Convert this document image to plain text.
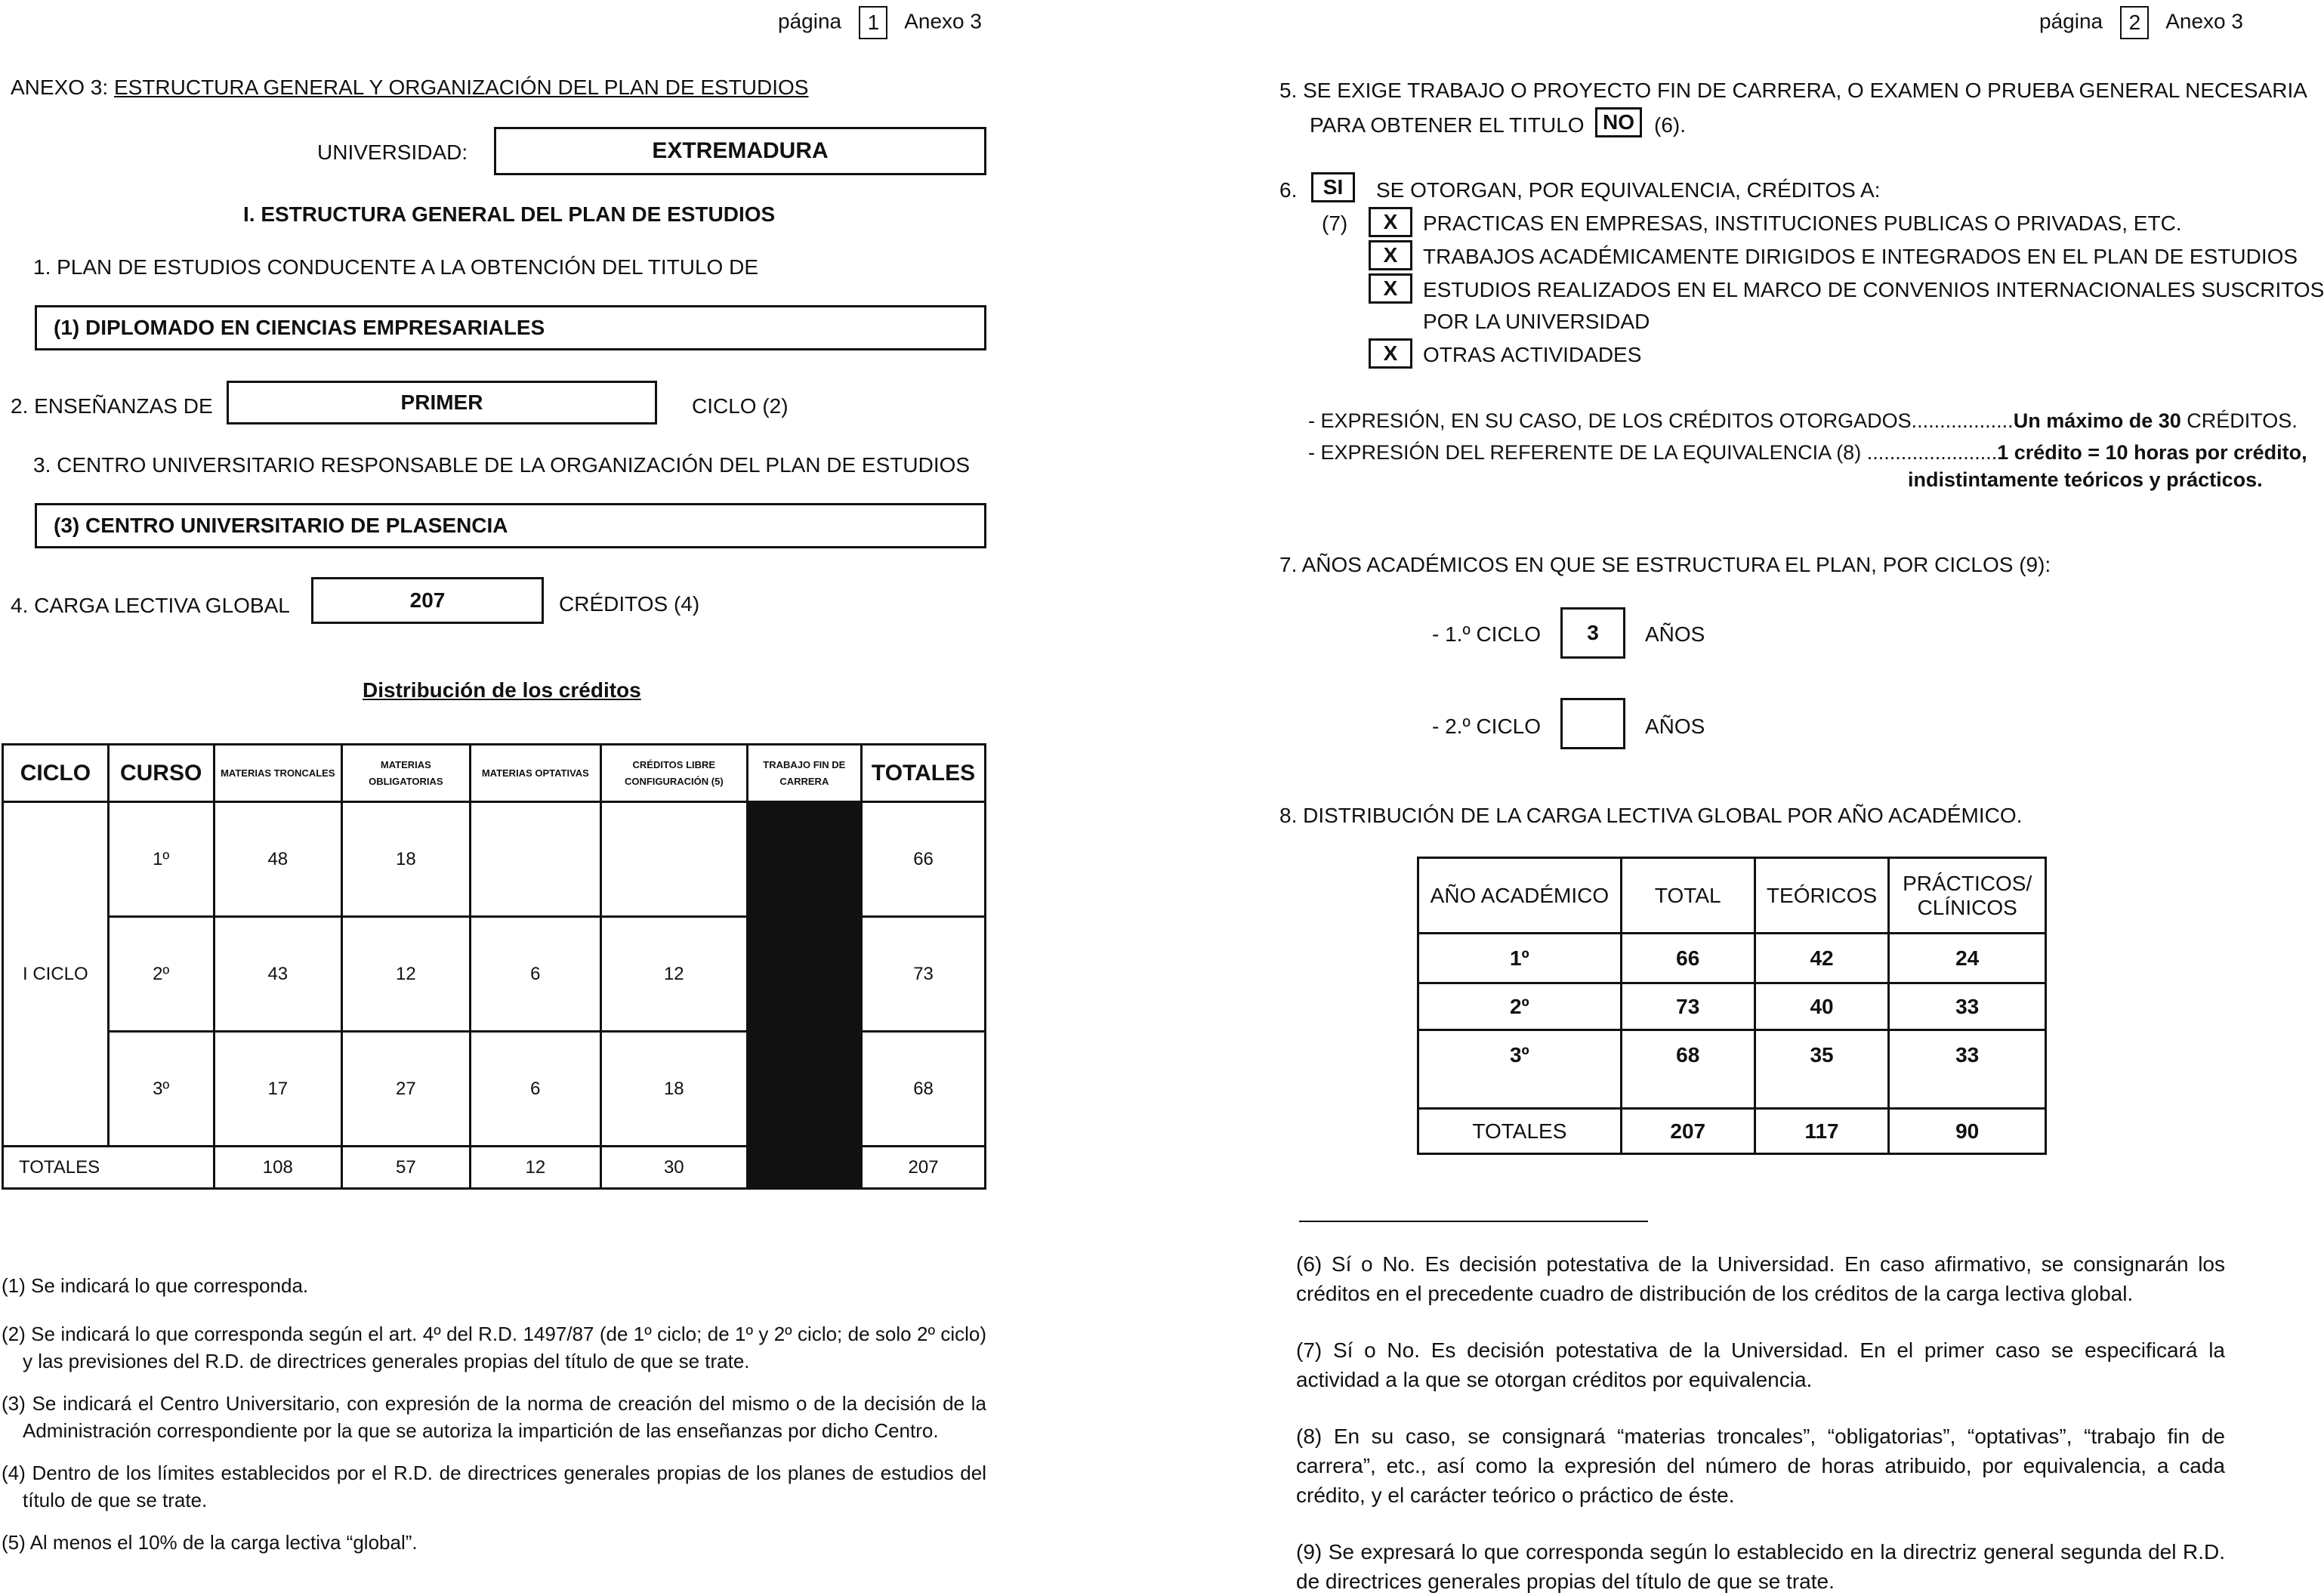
página 1 Anexo 3
ANEXO 3: ESTRUCTURA GENERAL Y ORGANIZACIÓN DEL PLAN DE ESTUDIOS
UNIVERSIDAD:	EXTREMADURA
I. ESTRUCTURA GENERAL DEL PLAN DE ESTUDIOS
1. PLAN DE ESTUDIOS CONDUCENTE A LA OBTENCIÓN DEL TITULO DE
(1) DIPLOMADO EN CIENCIAS EMPRESARIALES
2. ENSEÑANZAS DE	PRIMER	CICLO (2)
3. CENTRO UNIVERSITARIO RESPONSABLE DE LA ORGANIZACIÓN DEL PLAN DE ESTUDIOS
(3) CENTRO UNIVERSITARIO DE PLASENCIA
4. CARGA LECTIVA GLOBAL	207	CRÉDITOS (4)
Distribución de los créditos
CICLO	CURSO	MATERIAS TRONCALES	MATERIAS OBLIGATORIAS	MATERIAS OPTATIVAS	CRÉDITOS LIBRE CONFIGURACIÓN (5)	TRABAJO FIN DE CARRERA	TOTALES
I CICLO	1º	48	18				66
	2º	43	12	6	12		73
	3º	17	27	6	18		68
TOTALES		108	57	12	30		207

(1) Se indicará lo que corresponda.

(2) Se indicará lo que corresponda según el art. 4º del R.D. 1497/87 (de 1º ciclo; de 1º y 2º ciclo; de solo 2º ciclo) y las previsiones del R.D. de directrices generales propias del título de que se trate.

(3) Se indicará el Centro Universitario, con expresión de la norma de creación del mismo o de la decisión de la Administración correspondiente por la que se autoriza la impartición de las enseñanzas por dicho Centro.

(4) Dentro de los límites establecidos por el R.D. de directrices generales propias de los planes de estudios del título de que se trate.

(5) Al menos el 10% de la carga lectiva “global”.

página 2 Anexo 3
5. SE EXIGE TRABAJO O PROYECTO FIN DE CARRERA, O EXAMEN O PRUEBA GENERAL NECESARIA
PARA OBTENER EL TITULO NO (6).
6.	SI	SE OTORGAN, POR EQUIVALENCIA, CRÉDITOS A:
(7)	X	PRACTICAS EN EMPRESAS, INSTITUCIONES PUBLICAS O PRIVADAS, ETC.
X	TRABAJOS ACADÉMICAMENTE DIRIGIDOS E INTEGRADOS EN EL PLAN DE ESTUDIOS
X	ESTUDIOS REALIZADOS EN EL MARCO DE CONVENIOS INTERNACIONALES SUSCRITOS
POR LA UNIVERSIDAD
X	OTRAS ACTIVIDADES
- EXPRESIÓN, EN SU CASO, DE LOS CRÉDITOS OTORGADOS..................Un máximo de 30 CRÉDITOS.
- EXPRESIÓN DEL REFERENTE DE LA EQUIVALENCIA (8) .......................1 crédito = 10 horas por crédito,
indistintamente teóricos y prácticos.
7. AÑOS ACADÉMICOS EN QUE SE ESTRUCTURA EL PLAN, POR CICLOS (9):
- 1.º CICLO 3 AÑOS
- 2.º CICLO	AÑOS
8. DISTRIBUCIÓN DE LA CARGA LECTIVA GLOBAL POR AÑO ACADÉMICO.
AÑO ACADÉMICO	TOTAL	TEÓRICOS	PRÁCTICOS/ CLÍNICOS
1º	66	42	24
2º	73	40	33
3º	68	35	33
TOTALES	207	117	90

(6) Sí o No. Es decisión potestativa de la Universidad. En caso afirmativo, se consignarán los créditos en el precedente cuadro de distribución de los créditos de la carga lectiva global.

(7) Sí o No. Es decisión potestativa de la Universidad. En el primer caso se especificará la actividad a la que se otorgan créditos por equivalencia.

(8) En su caso, se consignará “materias troncales”, “obligatorias”, “optativas”, “trabajo fin de carrera”, etc., así como la expresión del número de horas atribuido, por equivalencia, a cada crédito, y el carácter teórico o práctico de éste.

(9) Se expresará lo que corresponda según lo establecido en la directriz general segunda del R.D. de directrices generales propias del título de que se trate.
